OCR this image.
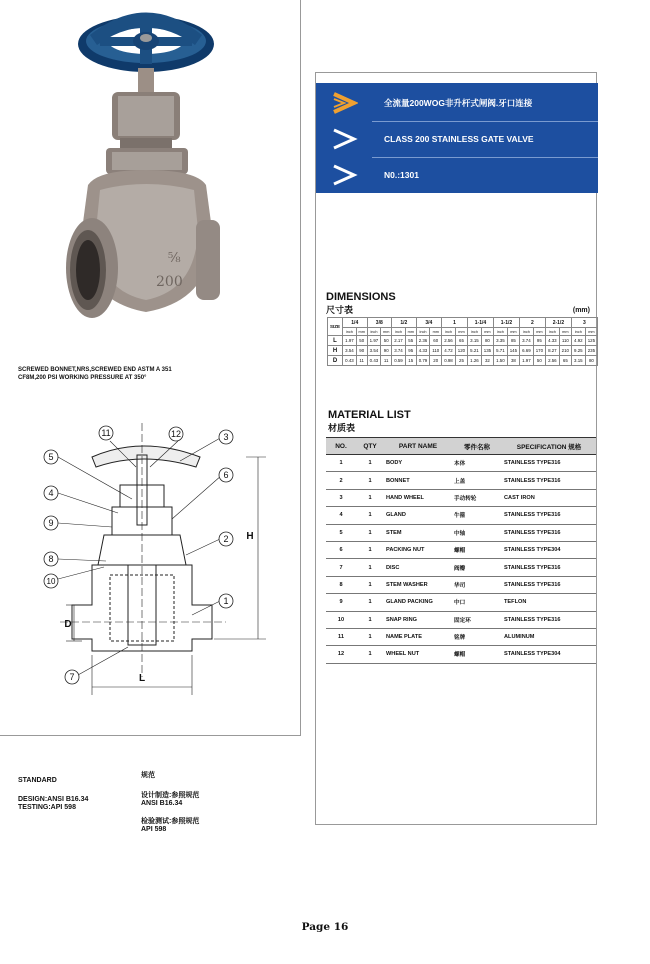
⅝
200
SCREWED BONNET,NRS,SCREWED END ASTM A 351
CF8M,200 PSI WORKING PRESSURE AT 350°
11	12	3
5
6
4
9
2
8
10
1
7
H
D
L
全流量200WOG非升杆式闸阀.牙口连接
CLASS 200 STAINLESS GATE VALVE
N0.:1301
DIMENSIONS
尺寸表	(mm)
SIZE	1/4		3/8		1/2		3/4		1		1-1/4		1-1/2		2		2-1/2		3	
	inch	mm	inch	mm	inch	mm	inch	mm	inch	mm	inch	mm	inch	mm	inch	mm	inch	mm	inch	mm
L	1.97	50	1.97	50	2.17	55	2.36	60	2.56	65	3.15	80	3.35	85	3.74	95	4.33	110	4.92	125
H	3.54	90	3.54	90	3.74	95	4.33	110	4.72	120	5.21	135	5.71	145	6.69	170	8.27	210	9.25	235
D	0.43	11	0.43	11	0.59	15	0.79	20	0.98	25	1.26	32	1.50	38	1.97	50	2.56	65	3.15	80
MATERIAL LIST
材质表
NO.	QTY	PART NAME	零件名称	SPECIFICATION 规格
1	1	BODY	本体	STAINLESS TYPE316
2	1	BONNET	上盖	STAINLESS TYPE316
3	1	HAND WHEEL	手动转轮	CAST IRON
4	1	GLAND	牛箍	STAINLESS TYPE316
5	1	STEM	中轴	STAINLESS TYPE316
6	1	PACKING NUT	螺帽	STAINLESS TYPE304
7	1	DISC	阀瓣	STAINLESS TYPE316
8	1	STEM WASHER	华司	STAINLESS TYPE316
9	1	GLAND PACKING	中口	TEFLON
10	1	SNAP RING	固定环	STAINLESS TYPE316
11	1	NAME PLATE	铭牌	ALUMINUM
12	1	WHEEL NUT	螺帽	STAINLESS TYPE304
STANDARD
DESIGN:ANSI B16.34
TESTING:API 598
规范
设计制造:参照规范
ANSI B16.34
检验测试:参照规范
API 598
Page 16
